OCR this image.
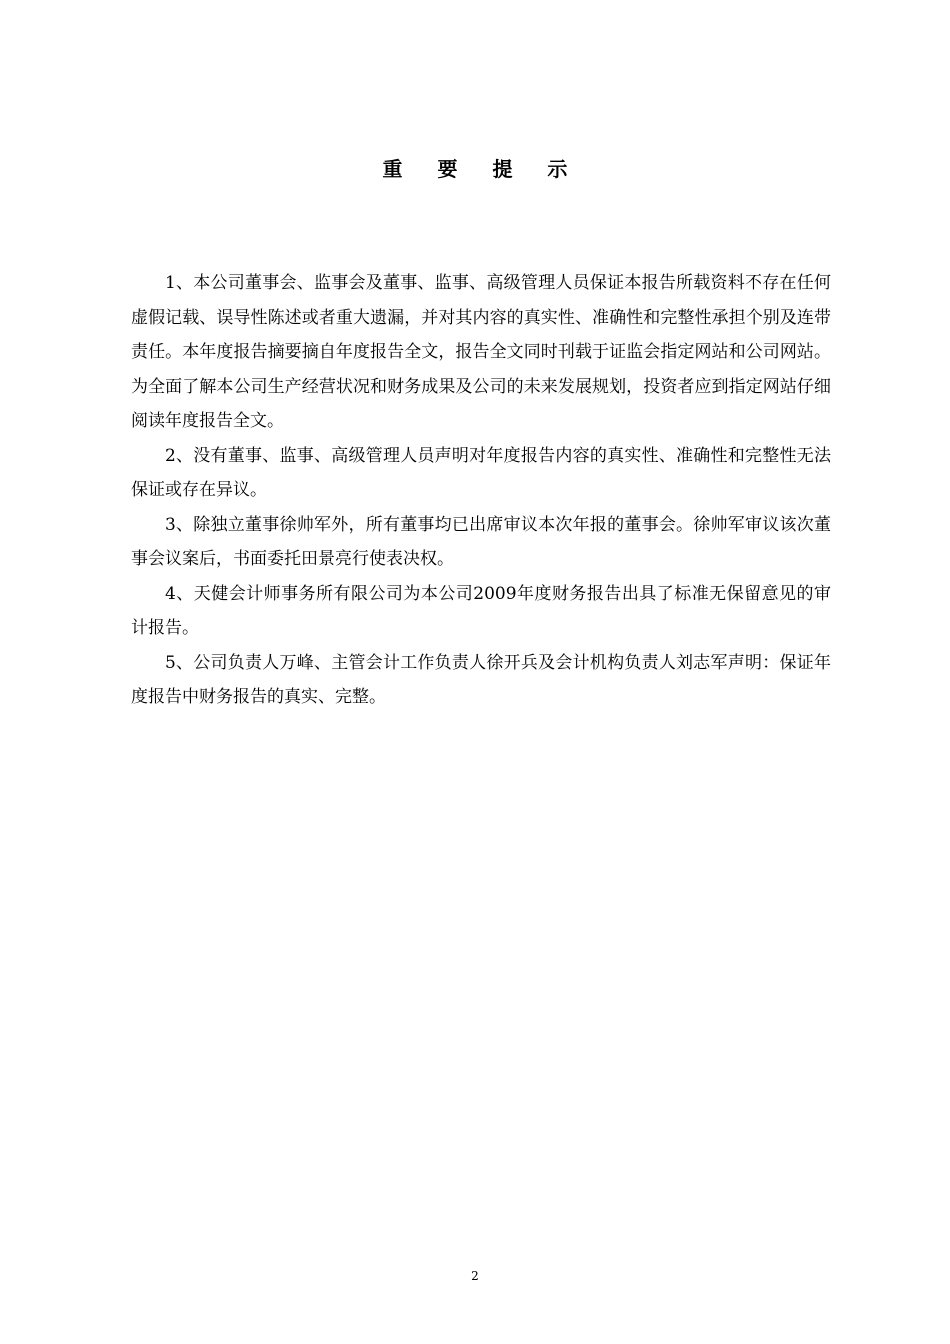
重 要 提 示

1、本公司董事会、监事会及董事、监事、高级管理人员保证本报告所载资料不存在任何虚假记载、误导性陈述或者重大遗漏，并对其内容的真实性、准确性和完整性承担个别及连带责任。本年度报告摘要摘自年度报告全文，报告全文同时刊载于证监会指定网站和公司网站。为全面了解本公司生产经营状况和财务成果及公司的未来发展规划，投资者应到指定网站仔细阅读年度报告全文。

2、没有董事、监事、高级管理人员声明对年度报告内容的真实性、准确性和完整性无法保证或存在异议。

3、除独立董事徐帅军外，所有董事均已出席审议本次年报的董事会。徐帅军审议该次董事会议案后，书面委托田景亮行使表决权。

4、天健会计师事务所有限公司为本公司2009年度财务报告出具了标准无保留意见的审计报告。

5、公司负责人万峰、主管会计工作负责人徐开兵及会计机构负责人刘志军声明：保证年度报告中财务报告的真实、完整。

2
